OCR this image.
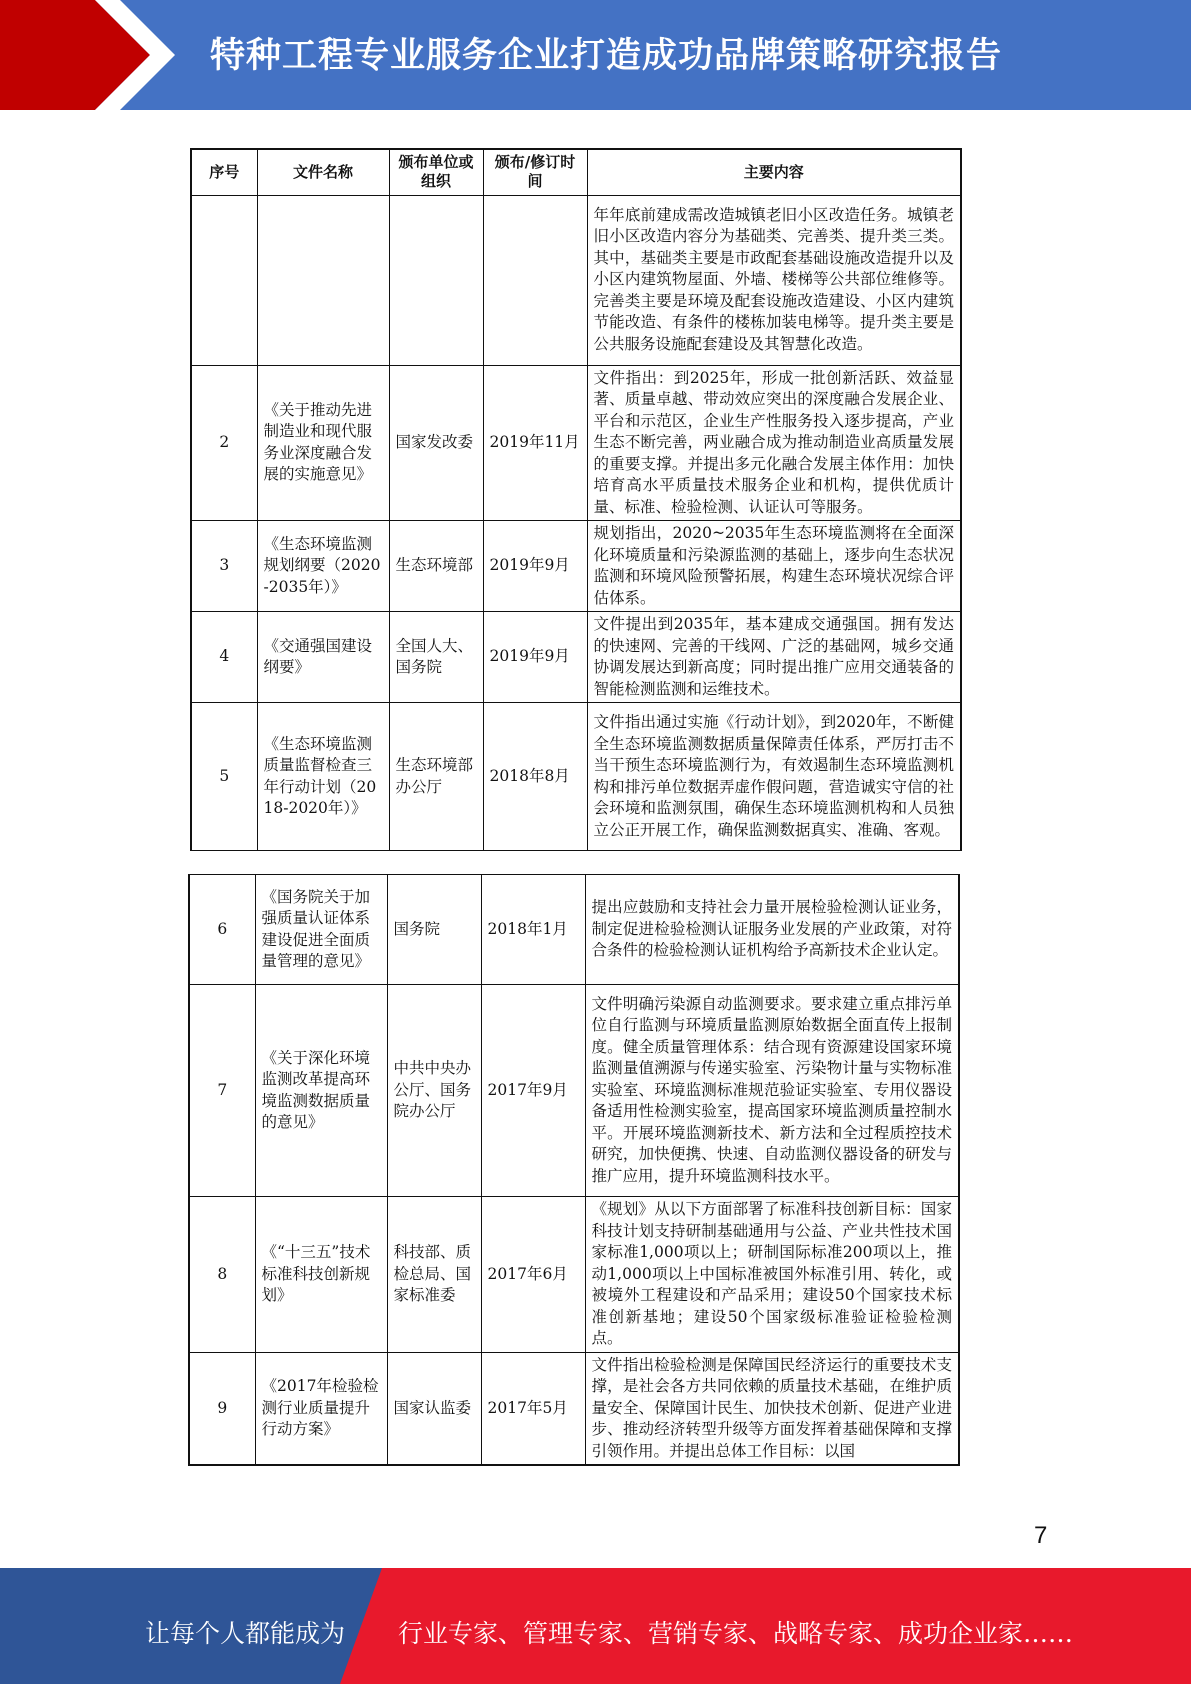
特种工程专业服务企业打造成功品牌策略研究报告
序号	文件名称	颁布单位或组织	颁布/修订时间	主要内容
				年年底前建成需改造城镇老旧小区改造任务。城镇老旧小区改造内容分为基础类、完善类、提升类三类。其中，基础类主要是市政配套基础设施改造提升以及小区内建筑物屋面、外墙、楼梯等公共部位维修等。完善类主要是环境及配套设施改造建设、小区内建筑节能改造、有条件的楼栋加装电梯等。提升类主要是公共服务设施配套建设及其智慧化改造。
2	《关于推动先进制造业和现代服务业深度融合发展的实施意见》	国家发改委	2019年11月	文件指出：到2025年，形成一批创新活跃、效益显著、质量卓越、带动效应突出的深度融合发展企业、平台和示范区，企业生产性服务投入逐步提高，产业生态不断完善，两业融合成为推动制造业高质量发展的重要支撑。并提出多元化融合发展主体作用：加快培育高水平质量技术服务企业和机构，提供优质计量、标准、检验检测、认证认可等服务。
3	《生态环境监测规划纲要（2020-2035年）》	生态环境部	2019年9月	规划指出，2020~2035年生态环境监测将在全面深化环境质量和污染源监测的基础上，逐步向生态状况监测和环境风险预警拓展，构建生态环境状况综合评估体系。
4	《交通强国建设纲要》	全国人大、国务院	2019年9月	文件提出到2035年，基本建成交通强国。拥有发达的快速网、完善的干线网、广泛的基础网，城乡交通协调发展达到新高度；同时提出推广应用交通装备的智能检测监测和运维技术。
5	《生态环境监测质量监督检查三年行动计划（2018-2020年）》	生态环境部办公厅	2018年8月	文件指出通过实施《行动计划》，到2020年，不断健全生态环境监测数据质量保障责任体系，严厉打击不当干预生态环境监测行为，有效遏制生态环境监测机构和排污单位数据弄虚作假问题，营造诚实守信的社会环境和监测氛围，确保生态环境监测机构和人员独立公正开展工作，确保监测数据真实、准确、客观。
6	《国务院关于加强质量认证体系建设促进全面质量管理的意见》	国务院	2018年1月	提出应鼓励和支持社会力量开展检验检测认证业务，制定促进检验检测认证服务业发展的产业政策，对符合条件的检验检测认证机构给予高新技术企业认定。
7	《关于深化环境监测改革提高环境监测数据质量的意见》	中共中央办公厅、国务院办公厅	2017年9月	文件明确污染源自动监测要求。要求建立重点排污单位自行监测与环境质量监测原始数据全面直传上报制度。健全质量管理体系：结合现有资源建设国家环境监测量值溯源与传递实验室、污染物计量与实物标准实验室、环境监测标准规范验证实验室、专用仪器设备适用性检测实验室，提高国家环境监测质量控制水平。开展环境监测新技术、新方法和全过程质控技术研究，加快便携、快速、自动监测仪器设备的研发与推广应用，提升环境监测科技水平。
8	《“十三五”技术标准科技创新规划》	科技部、质检总局、国家标准委	2017年6月	《规划》从以下方面部署了标准科技创新目标：国家科技计划支持研制基础通用与公益、产业共性技术国家标准1,000项以上；研制国际标准200项以上，推动1,000项以上中国标准被国外标准引用、转化，或被境外工程建设和产品采用；建设50个国家技术标准创新基地；建设50个国家级标准验证检验检测点。
9	《2017年检验检测行业质量提升行动方案》	国家认监委	2017年5月	文件指出检验检测是保障国民经济运行的重要技术支撑，是社会各方共同依赖的质量技术基础，在维护质量安全、保障国计民生、加快技术创新、促进产业进步、推动经济转型升级等方面发挥着基础保障和支撑引领作用。并提出总体工作目标：以国
7
让每个人都能成为 行业专家、管理专家、营销专家、战略专家、成功企业家……
